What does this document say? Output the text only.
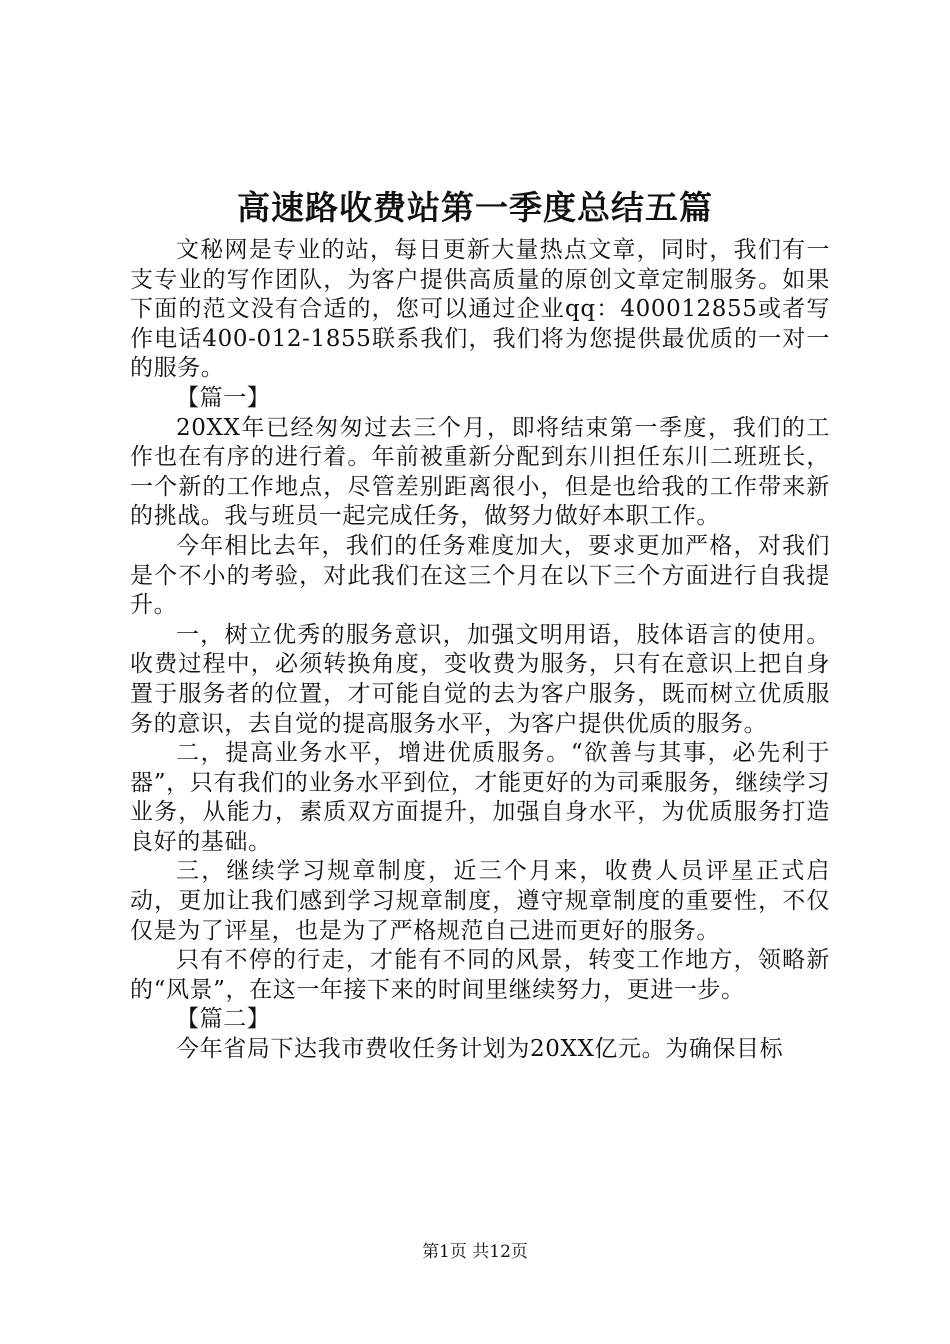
高速路收费站第一季度总结五篇

文秘网是专业的站，每日更新大量热点文章，同时，我们有一支专业的写作团队，为客户提供高质量的原创文章定制服务。如果下面的范文没有合适的，您可以通过企业qq：400012855或者写作电话400-012-1855联系我们，我们将为您提供最优质的一对一的服务。

【篇一】

20XX年已经匆匆过去三个月，即将结束第一季度，我们的工作也在有序的进行着。年前被重新分配到东川担任东川二班班长，一个新的工作地点，尽管差别距离很小，但是也给我的工作带来新的挑战。我与班员一起完成任务，做努力做好本职工作。

今年相比去年，我们的任务难度加大，要求更加严格，对我们是个不小的考验，对此我们在这三个月在以下三个方面进行自我提升。

一，树立优秀的服务意识，加强文明用语，肢体语言的使用。收费过程中，必须转换角度，变收费为服务，只有在意识上把自身置于服务者的位置，才可能自觉的去为客户服务，既而树立优质服务的意识，去自觉的提高服务水平，为客户提供优质的服务。

二，提高业务水平，增进优质服务。“欲善与其事，必先利于器”，只有我们的业务水平到位，才能更好的为司乘服务，继续学习业务，从能力，素质双方面提升，加强自身水平，为优质服务打造良好的基础。

三，继续学习规章制度，近三个月来，收费人员评星正式启动，更加让我们感到学习规章制度，遵守规章制度的重要性，不仅仅是为了评星，也是为了严格规范自己进而更好的服务。

只有不停的行走，才能有不同的风景，转变工作地方，领略新的“风景”，在这一年接下来的时间里继续努力，更进一步。

【篇二】

今年省局下达我市费收任务计划为20XX亿元。为确保目标

第1页 共12页
